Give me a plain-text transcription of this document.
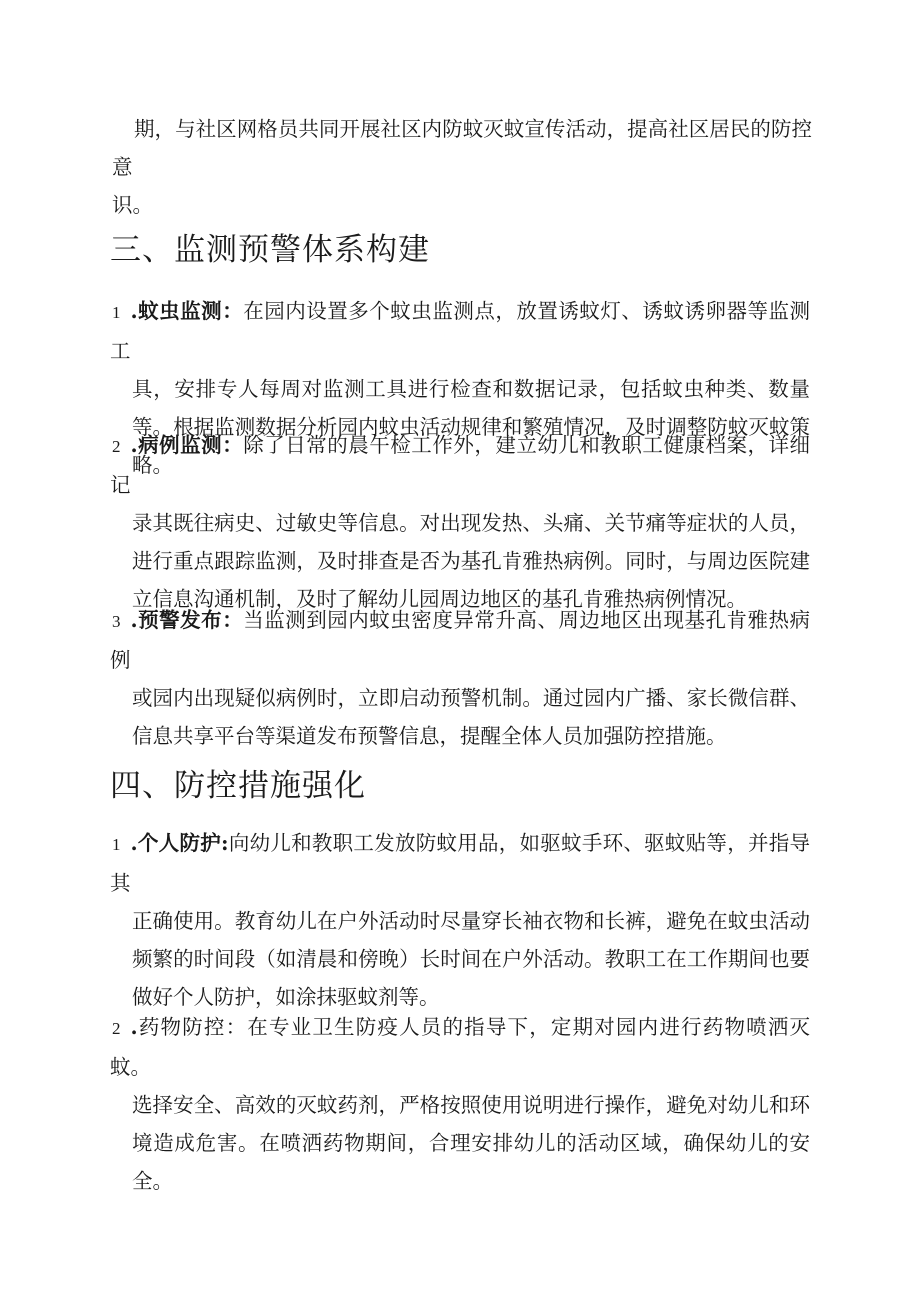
期，与社区网格员共同开展社区内防蚊灭蚊宣传活动，提高社区居民的防控意
识。

三、监测预警体系构建

1 .蚊虫监测：在园内设置多个蚊虫监测点，放置诱蚊灯、诱蚊诱卵器等监测工
具，安排专人每周对监测工具进行检查和数据记录，包括蚊虫种类、数量等。根据监测数据分析园内蚊虫活动规律和繁殖情况，及时调整防蚊灭蚊策略。

2 .病例监测：除了日常的晨午检工作外，建立幼儿和教职工健康档案，详细记
录其既往病史、过敏史等信息。对出现发热、头痛、关节痛等症状的人员，进行重点跟踪监测，及时排查是否为基孔肯雅热病例。同时，与周边医院建立信息沟通机制，及时了解幼儿园周边地区的基孔肯雅热病例情况。

3 .预警发布：当监测到园内蚊虫密度异常升高、周边地区出现基孔肯雅热病例
或园内出现疑似病例时，立即启动预警机制。通过园内广播、家长微信群、信息共享平台等渠道发布预警信息，提醒全体人员加强防控措施。

四、防控措施强化

1 .个人防护:向幼儿和教职工发放防蚊用品，如驱蚊手环、驱蚊贴等，并指导其
正确使用。教育幼儿在户外活动时尽量穿长袖衣物和长裤，避免在蚊虫活动频繁的时间段（如清晨和傍晚）长时间在户外活动。教职工在工作期间也要做好个人防护，如涂抹驱蚊剂等。

2 .药物防控：在专业卫生防疫人员的指导下，定期对园内进行药物喷洒灭蚊。
选择安全、高效的灭蚊药剂，严格按照使用说明进行操作，避免对幼儿和环境造成危害。在喷洒药物期间，合理安排幼儿的活动区域，确保幼儿的安全。
